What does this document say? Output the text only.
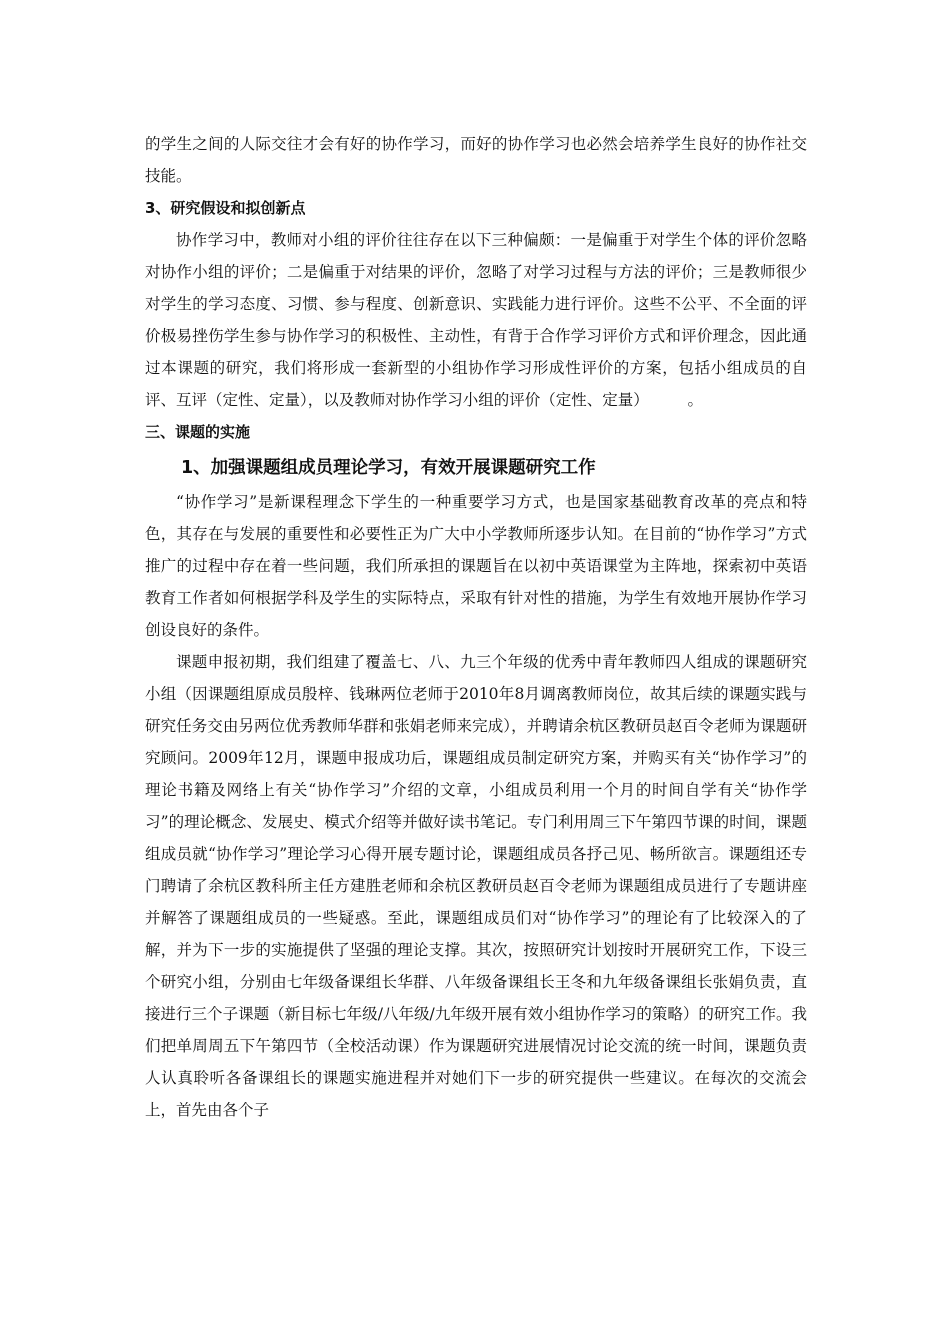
的学生之间的人际交往才会有好的协作学习，而好的协作学习也必然会培养学生良好的协作社交技能。

3、研究假设和拟创新点

协作学习中，教师对小组的评价往往存在以下三种偏颇：一是偏重于对学生个体的评价忽略对协作小组的评价；二是偏重于对结果的评价，忽略了对学习过程与方法的评价；三是教师很少对学生的学习态度、习惯、参与程度、创新意识、实践能力进行评价。这些不公平、不全面的评价极易挫伤学生参与协作学习的积极性、主动性，有背于合作学习评价方式和评价理念，因此通过本课题的研究，我们将形成一套新型的小组协作学习形成性评价的方案，包括小组成员的自评、互评（定性、定量），以及教师对协作学习小组的评价（定性、定量）　　　。

三、课题的实施

1、加强课题组成员理论学习，有效开展课题研究工作

“协作学习”是新课程理念下学生的一种重要学习方式，也是国家基础教育改革的亮点和特色，其存在与发展的重要性和必要性正为广大中小学教师所逐步认知。在目前的“协作学习”方式推广的过程中存在着一些问题，我们所承担的课题旨在以初中英语课堂为主阵地，探索初中英语教育工作者如何根据学科及学生的实际特点，采取有针对性的措施，为学生有效地开展协作学习创设良好的条件。

课题申报初期，我们组建了覆盖七、八、九三个年级的优秀中青年教师四人组成的课题研究小组（因课题组原成员殷梓、钱琳两位老师于2010年8月调离教师岗位，故其后续的课题实践与研究任务交由另两位优秀教师华群和张娟老师来完成），并聘请余杭区教研员赵百令老师为课题研究顾问。2009年12月，课题申报成功后，课题组成员制定研究方案，并购买有关“协作学习”的理论书籍及网络上有关“协作学习”介绍的文章，小组成员利用一个月的时间自学有关“协作学习”的理论概念、发展史、模式介绍等并做好读书笔记。专门利用周三下午第四节课的时间，课题组成员就“协作学习”理论学习心得开展专题讨论，课题组成员各抒己见、畅所欲言。课题组还专门聘请了余杭区教科所主任方建胜老师和余杭区教研员赵百令老师为课题组成员进行了专题讲座并解答了课题组成员的一些疑惑。至此，课题组成员们对“协作学习”的理论有了比较深入的了解，并为下一步的实施提供了坚强的理论支撑。其次，按照研究计划按时开展研究工作，下设三个研究小组，分别由七年级备课组长华群、八年级备课组长王冬和九年级备课组长张娟负责，直接进行三个子课题（新目标七年级/八年级/九年级开展有效小组协作学习的策略）的研究工作。我们把单周周五下午第四节（全校活动课）作为课题研究进展情况讨论交流的统一时间，课题负责人认真聆听各备课组长的课题实施进程并对她们下一步的研究提供一些建议。在每次的交流会上，首先由各个子
